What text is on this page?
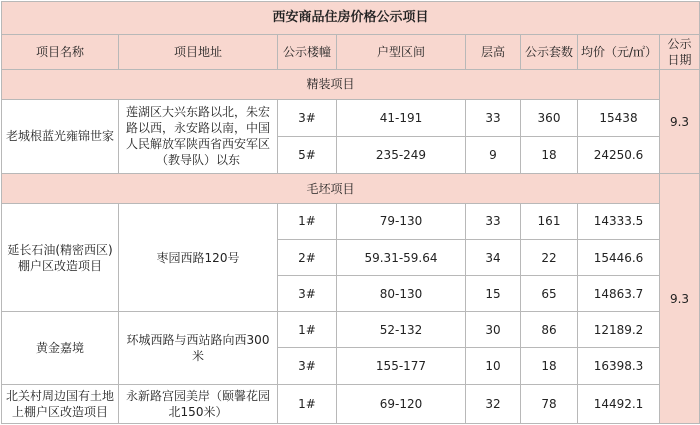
西安商品住房价格公示项目							
项目名称	项目地址	公示楼幢	户型区间	层高	公示套数	均价（元/㎡）	公示日期
精装项目							9.3
老城根蓝光雍锦世家	莲湖区大兴东路以北，朱宏路以西，永安路以南，中国人民解放军陕西省西安军区（教导队）以东	3#	41-191	33	360	15438	
		5#	235-249	9	18	24250.6	
毛坯项目							9.3
延长石油(精密西区)棚户区改造项目	枣园西路120号	1#	79-130	33	161	14333.5	
		2#	59.31-59.64	34	22	15446.6	
		3#	80-130	15	65	14863.7	
黄金嘉境	环城西路与西站路向西300米	1#	52-132	30	86	12189.2	
		3#	155-177	10	18	16398.3	
北关村周边国有土地上棚户区改造项目	永新路宫园美岸（颐馨花园北150米）	1#	69-120	32	78	14492.1	
